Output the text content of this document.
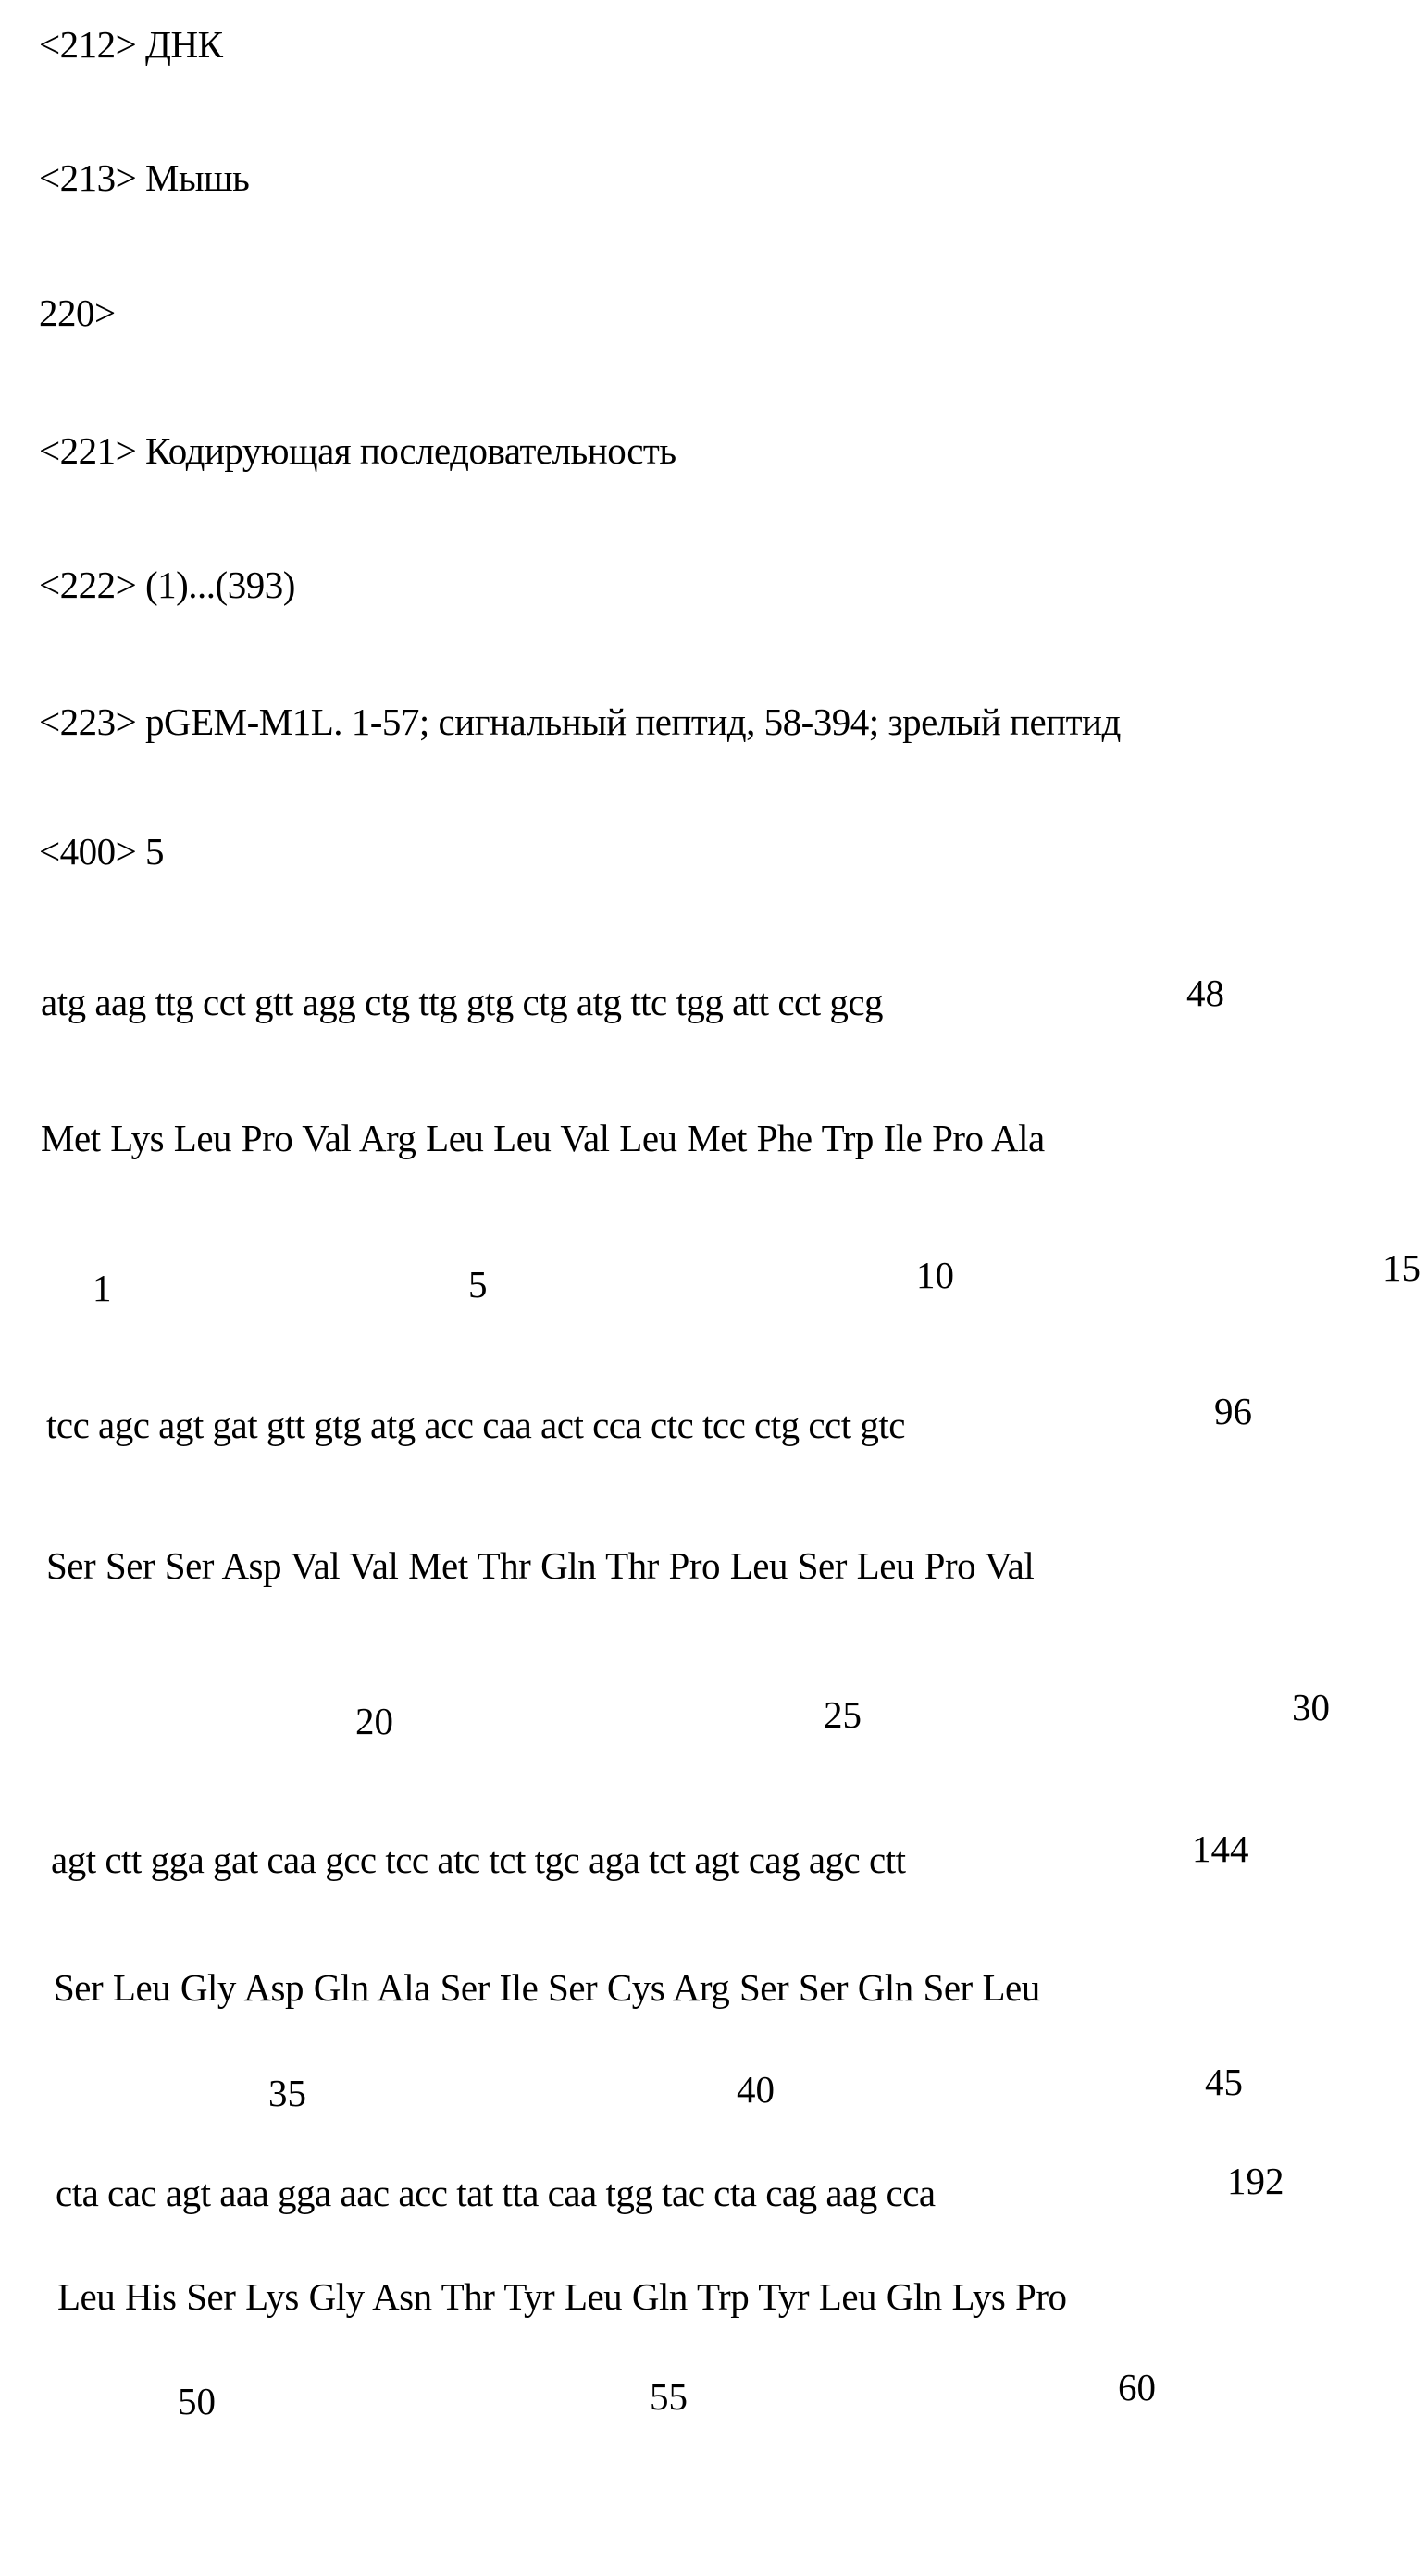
<212> ДНК
<213> Мышь
220>
<221> Кодирующая последовательность
<222> (1)...(393)
<223> pGEM-M1L. 1-57; сигнальный пептид, 58-394; зрелый пептид
<400> 5
atg aag ttg cct gtt agg ctg ttg gtg ctg atg ttc tgg att cct gcg	48
Met Lys Leu Pro Val Arg Leu Leu Val Leu Met Phe Trp Ile Pro Ala
1	5	10	15
tcc agc agt gat gtt gtg atg acc caa act cca ctc tcc ctg cct gtc	96
Ser Ser Ser Asp Val Val Met Thr Gln Thr Pro Leu Ser Leu Pro Val
20	25	30
agt ctt gga gat caa gcc tcc atc tct tgc aga tct agt cag agc ctt	144
Ser Leu Gly Asp Gln Ala Ser Ile Ser Cys Arg Ser Ser Gln Ser Leu
35	40	45
cta cac agt aaa gga aac acc tat tta caa tgg tac cta cag aag cca	192
Leu His Ser Lys Gly Asn Thr Tyr Leu Gln Trp Tyr Leu Gln Lys Pro
50	55	60
